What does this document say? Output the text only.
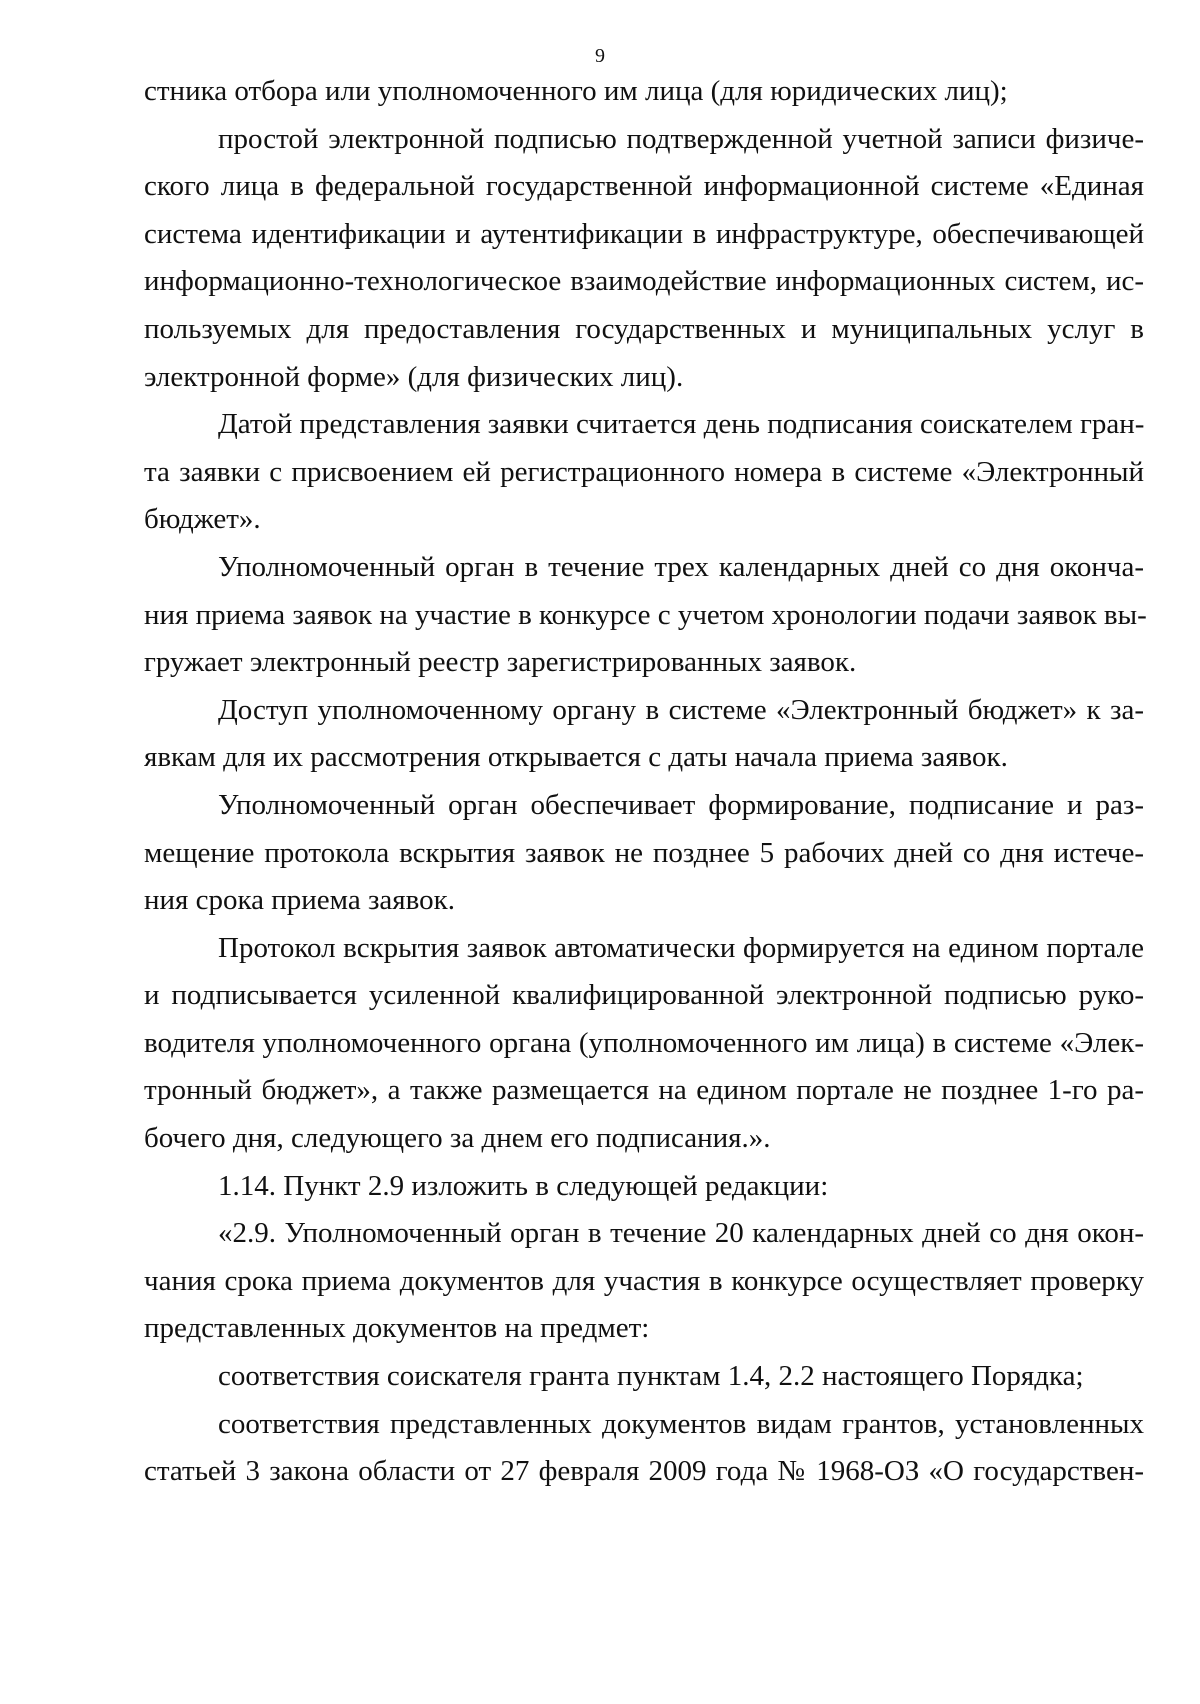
9
стника отбора или уполномоченного им лица (для юридических лиц);
простой электронной подписью подтвержденной учетной записи физиче-
ского лица в федеральной государственной информационной системе «Единая
система идентификации и аутентификации в инфраструктуре, обеспечивающей
информационно-технологическое взаимодействие информационных систем, ис-
пользуемых для предоставления государственных и муниципальных услуг в
электронной форме» (для физических лиц).
Датой представления заявки считается день подписания соискателем гран-
та заявки с присвоением ей регистрационного номера в системе «Электронный
бюджет».
Уполномоченный орган в течение трех календарных дней со дня оконча-
ния приема заявок на участие в конкурсе с учетом хронологии подачи заявок вы-
гружает электронный реестр зарегистрированных заявок.
Доступ уполномоченному органу в системе «Электронный бюджет» к за-
явкам для их рассмотрения открывается с даты начала приема заявок.
Уполномоченный орган обеспечивает формирование, подписание и раз-
мещение протокола вскрытия заявок не позднее 5 рабочих дней со дня истече-
ния срока приема заявок.
Протокол вскрытия заявок автоматически формируется на едином портале
и подписывается усиленной квалифицированной электронной подписью руко-
водителя уполномоченного органа (уполномоченного им лица) в системе «Элек-
тронный бюджет», а также размещается на едином портале не позднее 1-го ра-
бочего дня, следующего за днем его подписания.».
1.14. Пункт 2.9 изложить в следующей редакции:
«2.9. Уполномоченный орган в течение 20 календарных дней со дня окон-
чания срока приема документов для участия в конкурсе осуществляет проверку
представленных документов на предмет:
соответствия соискателя гранта пунктам 1.4, 2.2 настоящего Порядка;
соответствия представленных документов видам грантов, установленных
статьей 3 закона области от 27 февраля 2009 года № 1968-ОЗ «О государствен-
